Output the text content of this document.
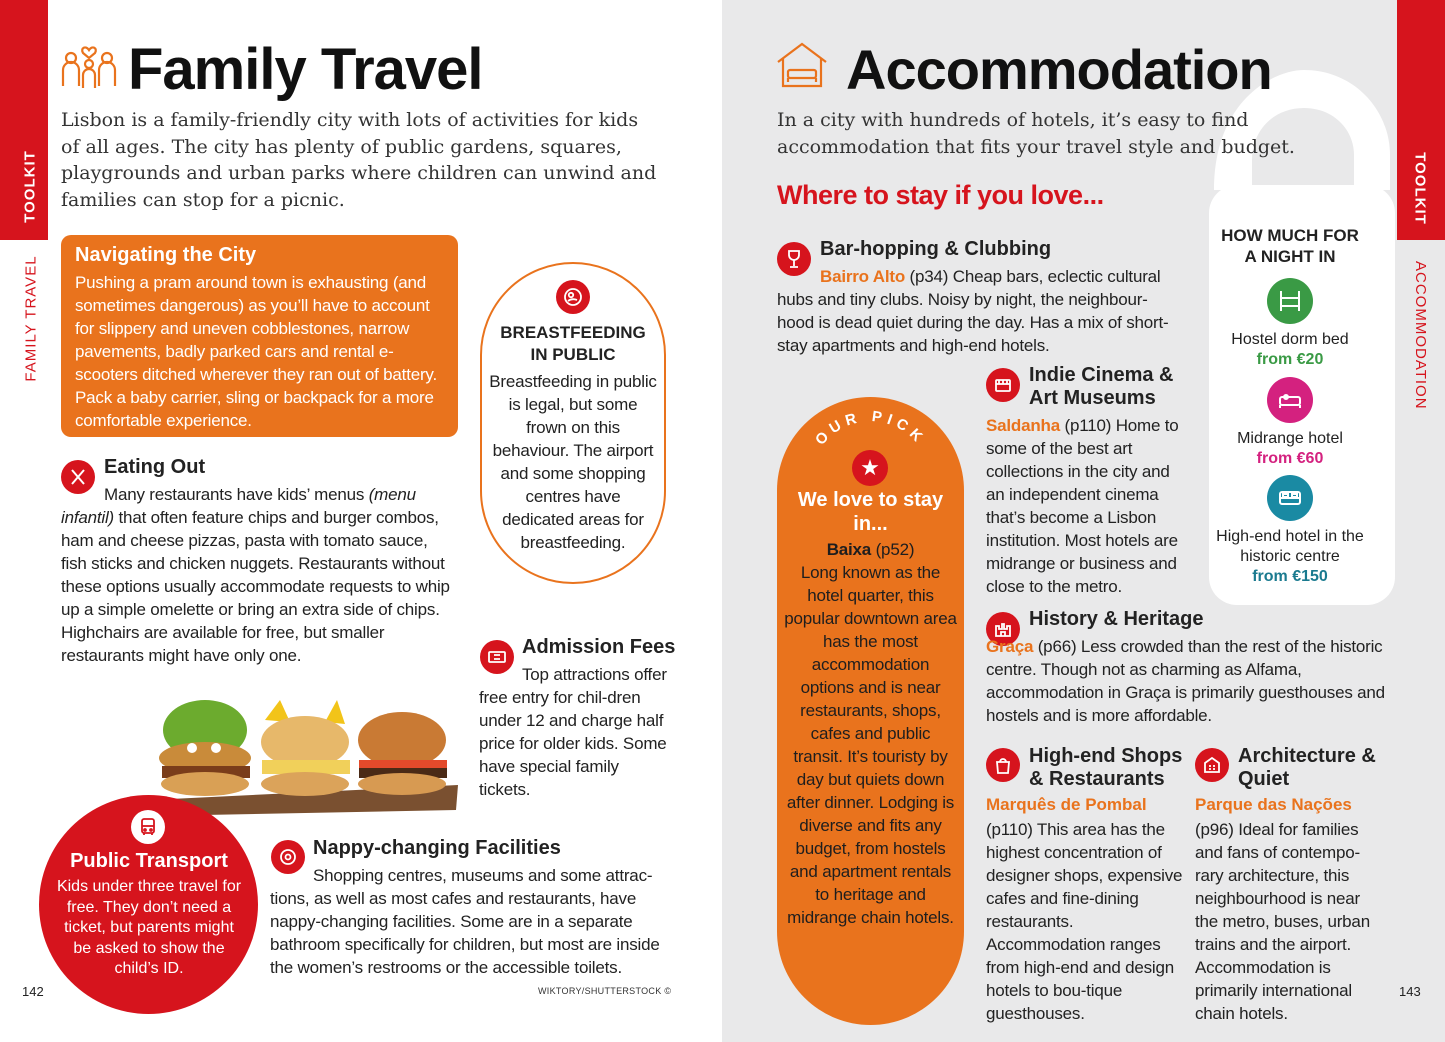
TOOLKIT
FAMILY TRAVEL
Family Travel
Lisbon is a family-friendly city with lots of activities for kids of all ages. The city has plenty of public gardens, squares, playgrounds and urban parks where children can unwind and families can stop for a picnic.
Navigating the City
Pushing a pram around town is exhausting (and sometimes dangerous) as you’ll have to account for slippery and uneven cobblestones, narrow pavements, badly parked cars and rental e-scooters ditched wherever they ran out of battery. Pack a baby carrier, sling or backpack for a more comfortable experience.
BREASTFEEDING IN PUBLIC
Breastfeeding in public is legal, but some frown on this behaviour. The airport and some shopping centres have dedicated areas for breastfeeding.
Eating Out
Many restaurants have kids’ menus (menu infantil) that often feature chips and burger combos, ham and cheese pizzas, pasta with tomato sauce, fish sticks and chicken nuggets. Restaurants without these options usually accommodate requests to whip up a simple omelette or bring an extra side of chips. Highchairs are available for free, but smaller restaurants might have only one.	Admission Fees
Top attractions offer free entry for chil-dren under 12 and charge half price for older kids. Some have special family tickets.
Public Transport
Kids under three travel for free. They don’t need a ticket, but parents might be asked to show the child’s ID.
Nappy-changing Facilities
Shopping centres, museums and some attrac-tions, as well as most cafes and restaurants, have nappy-changing facilities. Some are in a separate bathroom specifically for children, but most are inside the women’s restrooms or the accessible toilets.
142	WIKTORY/SHUTTERSTOCK ©
TOOLKIT
ACCOMMODATION
Accommodation
In a city with hundreds of hotels, it’s easy to find accommodation that fits your travel style and budget.
Where to stay if you love...
Bar-hopping & Clubbing
Bairro Alto (p34) Cheap bars, eclectic cultural hubs and tiny clubs. Noisy by night, the neighbour-hood is dead quiet during the day. Has a mix of short-stay apartments and high-end hotels.
OUR PICK
★
We love to stay in...
Baixa (p52)
Long known as the hotel quarter, this popular downtown area has the most accommodation options and is near restaurants, shops, cafes and public transit. It’s touristy by day but quiets down after dinner. Lodging is diverse and fits any budget, from hostels and apartment rentals to heritage and midrange chain hotels.
Indie Cinema & Art Museums
Saldanha (p110) Home to some of the best art collections in the city and an independent cinema that’s become a Lisbon institution. Most hotels are midrange or business and close to the metro.
History & Heritage
Graça (p66) Less crowded than the rest of the historic centre. Though not as charming as Alfama, accommodation in Graça is primarily guesthouses and hostels and is more affordable.
High-end Shops & Restaurants
Marquês de Pombal
(p110) This area has the highest concentration of designer shops, expensive cafes and fine-dining restaurants. Accommodation ranges from high-end and design hotels to bou-tique guesthouses.
Architecture & Quiet
Parque das Nações
(p96) Ideal for families and fans of contempo-rary architecture, this neighbourhood is near the metro, buses, urban trains and the airport. Accommodation is primarily international chain hotels.
HOW MUCH FOR A NIGHT IN
Hostel dorm bed
from €20
Midrange hotel
from €60
High-end hotel in the historic centre
from €150
143
